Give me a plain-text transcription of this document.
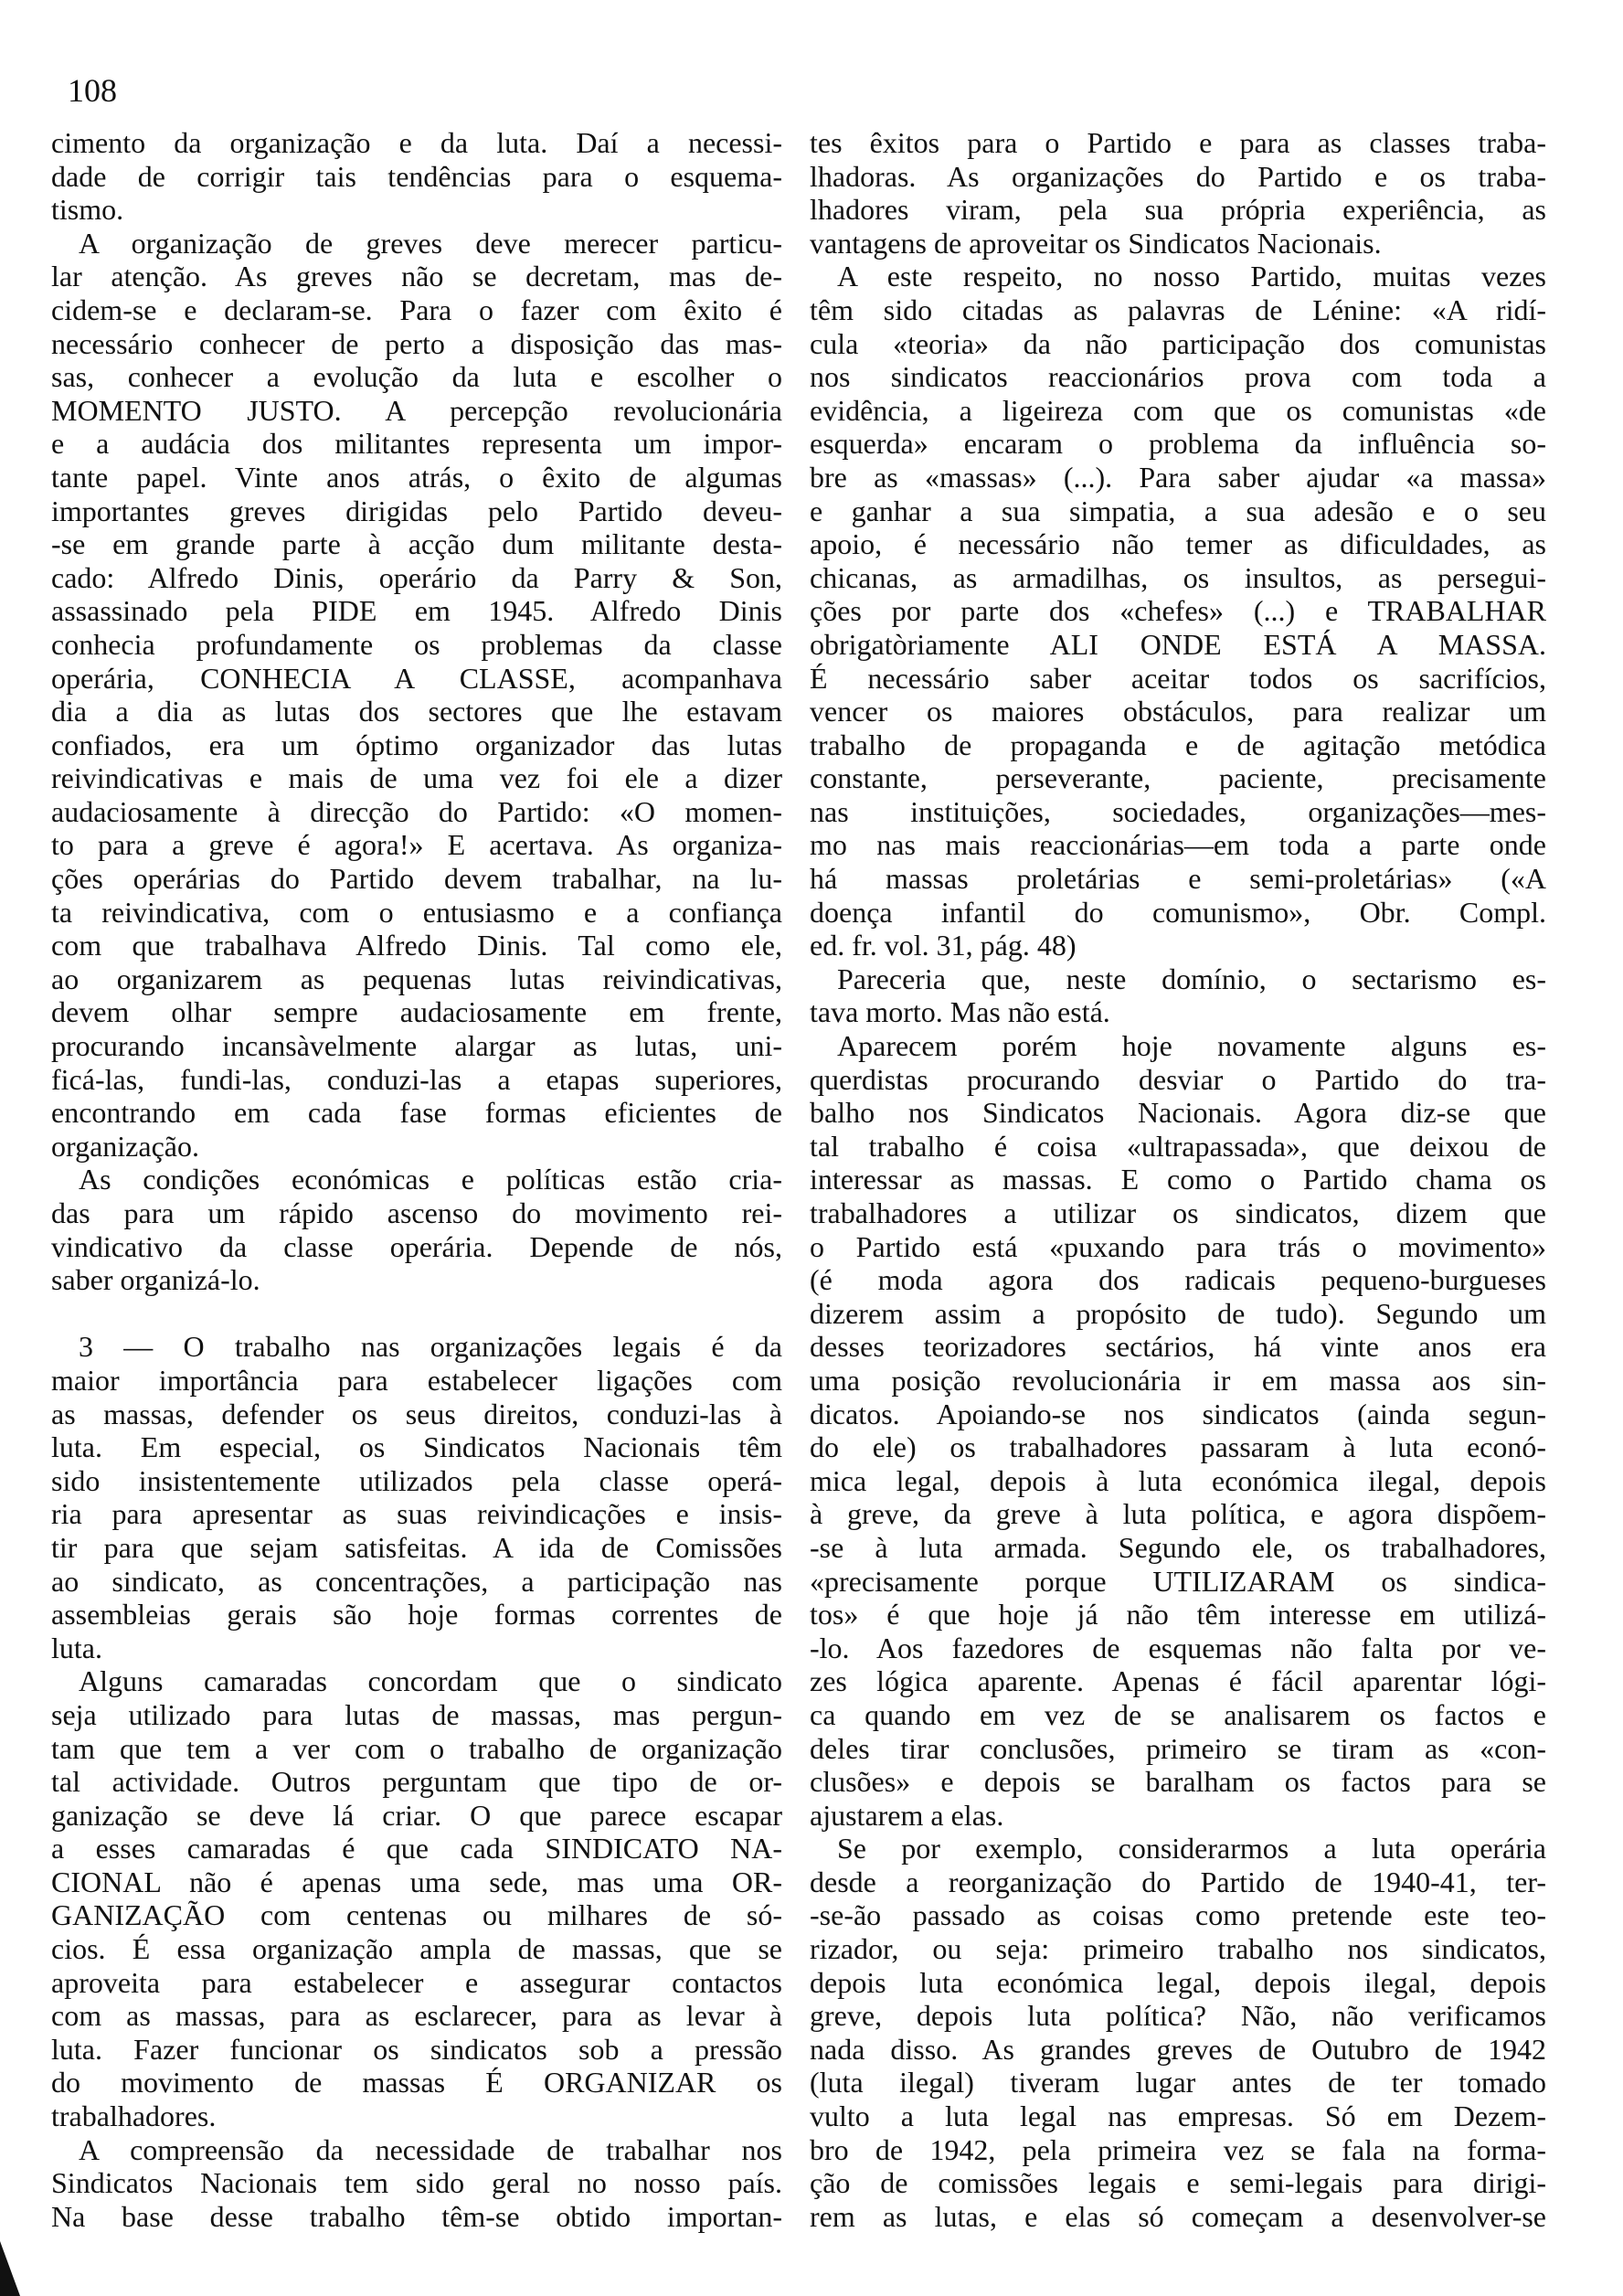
108
cimento da organização e da luta. Daí a necessi-
dade de corrigir tais tendências para o esquema-
tismo.
A organização de greves deve merecer particu-
lar atenção. As greves não se decretam, mas de-
cidem-se e declaram-se. Para o fazer com êxito é
necessário conhecer de perto a disposição das mas-
sas, conhecer a evolução da luta e escolher o
MOMENTO JUSTO. A percepção revolucionária
e a audácia dos militantes representa um impor-
tante papel. Vinte anos atrás, o êxito de algumas
importantes greves dirigidas pelo Partido deveu-
-se em grande parte à acção dum militante desta-
cado: Alfredo Dinis, operário da Parry & Son,
assassinado pela PIDE em 1945. Alfredo Dinis
conhecia profundamente os problemas da classe
operária, CONHECIA A CLASSE, acompanhava
dia a dia as lutas dos sectores que lhe estavam
confiados, era um óptimo organizador das lutas
reivindicativas e mais de uma vez foi ele a dizer
audaciosamente à direcção do Partido: «O momen-
to para a greve é agora!» E acertava. As organiza-
ções operárias do Partido devem trabalhar, na lu-
ta reivindicativa, com o entusiasmo e a confiança
com que trabalhava Alfredo Dinis. Tal como ele,
ao organizarem as pequenas lutas reivindicativas,
devem olhar sempre audaciosamente em frente,
procurando incansàvelmente alargar as lutas, uni-
ficá-las, fundi-las, conduzi-las a etapas superiores,
encontrando em cada fase formas eficientes de
organização.
As condições económicas e políticas estão cria-
das para um rápido ascenso do movimento rei-
vindicativo da classe operária. Depende de nós,
saber organizá-lo.
3 — O trabalho nas organizações legais é da
maior importância para estabelecer ligações com
as massas, defender os seus direitos, conduzi-las à
luta. Em especial, os Sindicatos Nacionais têm
sido insistentemente utilizados pela classe operá-
ria para apresentar as suas reivindicações e insis-
tir para que sejam satisfeitas. A ida de Comissões
ao sindicato, as concentrações, a participação nas
assembleias gerais são hoje formas correntes de
luta.
Alguns camaradas concordam que o sindicato
seja utilizado para lutas de massas, mas pergun-
tam que tem a ver com o trabalho de organização
tal actividade. Outros perguntam que tipo de or-
ganização se deve lá criar. O que parece escapar
a esses camaradas é que cada SINDICATO NA-
CIONAL não é apenas uma sede, mas uma OR-
GANIZAÇÃO com centenas ou milhares de só-
cios. É essa organização ampla de massas, que se
aproveita para estabelecer e assegurar contactos
com as massas, para as esclarecer, para as levar à
luta. Fazer funcionar os sindicatos sob a pressão
do movimento de massas É ORGANIZAR os
trabalhadores.
A compreensão da necessidade de trabalhar nos
Sindicatos Nacionais tem sido geral no nosso país.
Na base desse trabalho têm-se obtido importan-
tes êxitos para o Partido e para as classes traba-
lhadoras. As organizações do Partido e os traba-
lhadores viram, pela sua própria experiência, as
vantagens de aproveitar os Sindicatos Nacionais.
A este respeito, no nosso Partido, muitas vezes
têm sido citadas as palavras de Lénine: «A ridí-
cula «teoria» da não participação dos comunistas
nos sindicatos reaccionários prova com toda a
evidência, a ligeireza com que os comunistas «de
esquerda» encaram o problema da influência so-
bre as «massas» (...). Para saber ajudar «a massa»
e ganhar a sua simpatia, a sua adesão e o seu
apoio, é necessário não temer as dificuldades, as
chicanas, as armadilhas, os insultos, as persegui-
ções por parte dos «chefes» (...) e TRABALHAR
obrigatòriamente ALI ONDE ESTÁ A MASSA.
É necessário saber aceitar todos os sacrifícios,
vencer os maiores obstáculos, para realizar um
trabalho de propaganda e de agitação metódica
constante, perseverante, paciente, precisamente
nas instituições, sociedades, organizações—mes-
mo nas mais reaccionárias—em toda a parte onde
há massas proletárias e semi-proletárias» («A
doença infantil do comunismo», Obr. Compl.
ed. fr. vol. 31, pág. 48)
Pareceria que, neste domínio, o sectarismo es-
tava morto. Mas não está.
Aparecem porém hoje novamente alguns es-
querdistas procurando desviar o Partido do tra-
balho nos Sindicatos Nacionais. Agora diz-se que
tal trabalho é coisa «ultrapassada», que deixou de
interessar as massas. E como o Partido chama os
trabalhadores a utilizar os sindicatos, dizem que
o Partido está «puxando para trás o movimento»
(é moda agora dos radicais pequeno-burgueses
dizerem assim a propósito de tudo). Segundo um
desses teorizadores sectários, há vinte anos era
uma posição revolucionária ir em massa aos sin-
dicatos. Apoiando-se nos sindicatos (ainda segun-
do ele) os trabalhadores passaram à luta econó-
mica legal, depois à luta económica ilegal, depois
à greve, da greve à luta política, e agora dispõem-
-se à luta armada. Segundo ele, os trabalhadores,
«precisamente porque UTILIZARAM os sindica-
tos» é que hoje já não têm interesse em utilizá-
-lo. Aos fazedores de esquemas não falta por ve-
zes lógica aparente. Apenas é fácil aparentar lógi-
ca quando em vez de se analisarem os factos e
deles tirar conclusões, primeiro se tiram as «con-
clusões» e depois se baralham os factos para se
ajustarem a elas.
Se por exemplo, considerarmos a luta operária
desde a reorganização do Partido de 1940-41, ter-
-se-ão passado as coisas como pretende este teo-
rizador, ou seja: primeiro trabalho nos sindicatos,
depois luta económica legal, depois ilegal, depois
greve, depois luta política? Não, não verificamos
nada disso. As grandes greves de Outubro de 1942
(luta ilegal) tiveram lugar antes de ter tomado
vulto a luta legal nas empresas. Só em Dezem-
bro de 1942, pela primeira vez se fala na forma-
ção de comissões legais e semi-legais para dirigi-
rem as lutas, e elas só começam a desenvolver-se
